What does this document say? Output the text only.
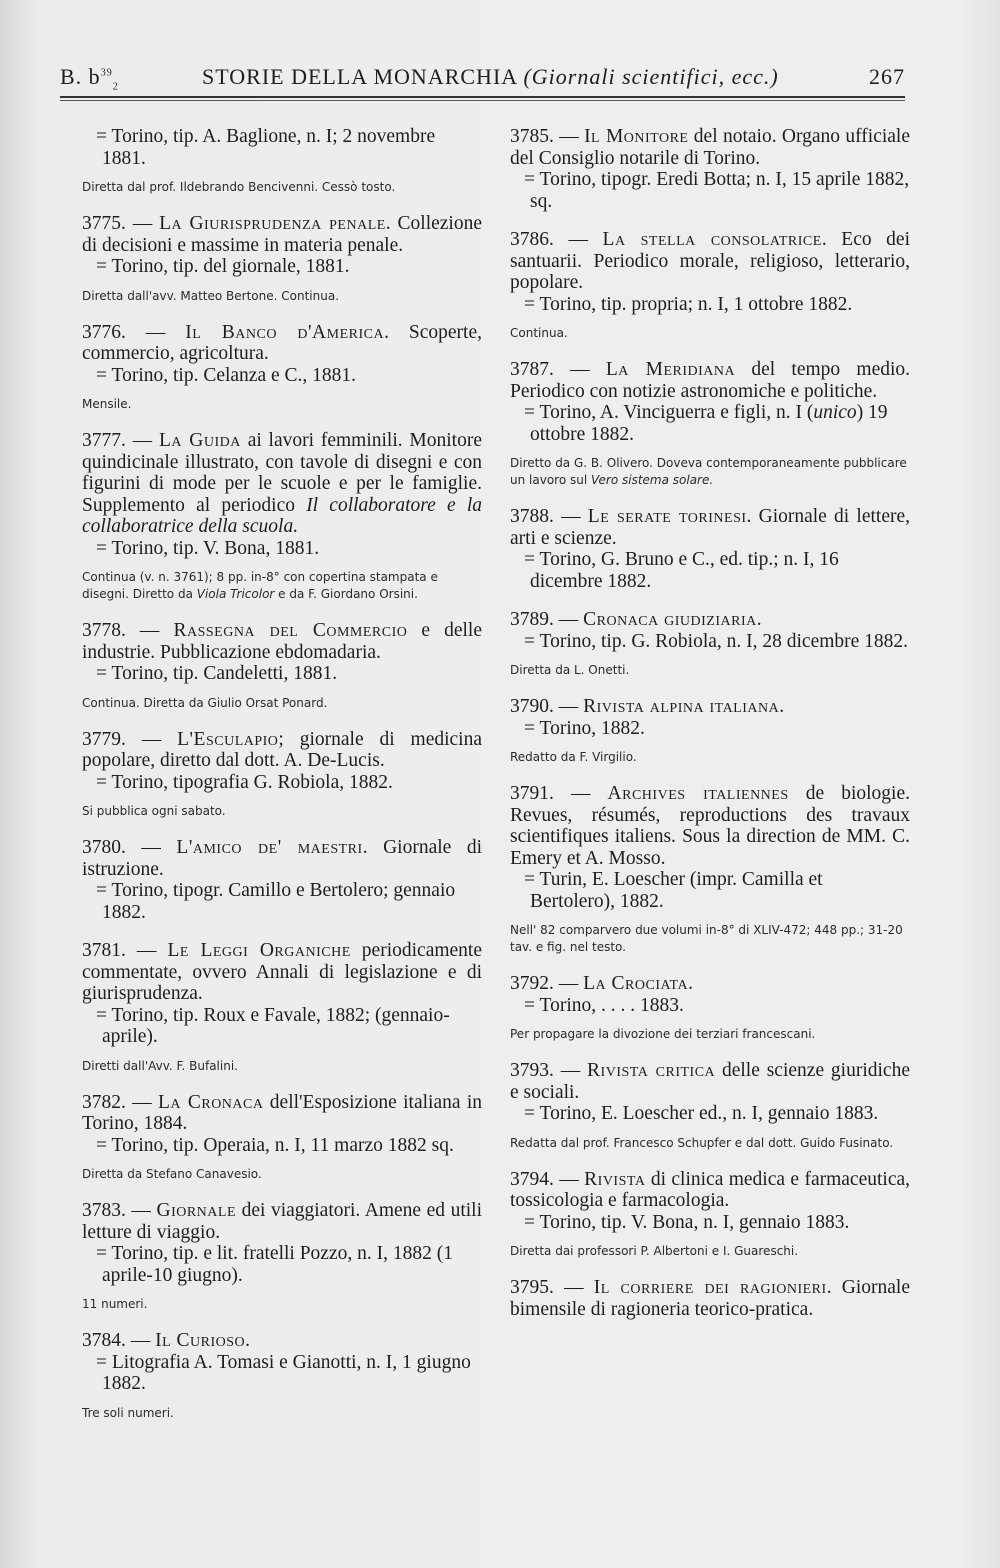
B. $b^{39}_2$	STORIE DELLA MONARCHIA (Giornali scientifici, ecc.)	267

= Torino, tip. A. Baglione, n. I; 2 novembre 1881.

Diretta dal prof. Ildebrando Bencivenni. Cessò tosto.

3775. — La Giurisprudenza penale. Collezione di decisioni e massime in materia penale.

= Torino, tip. del giornale, 1881.

Diretta dall'avv. Matteo Bertone. Continua.

3776. — Il Banco d'America. Scoperte, commercio, agricoltura.

= Torino, tip. Celanza e C., 1881.

Mensile.

3777. — La Guida ai lavori femminili. Monitore quindicinale illustrato, con tavole di disegni e con figurini di mode per le scuole e per le famiglie. Supplemento al periodico Il collaboratore e la collaboratrice della scuola.

= Torino, tip. V. Bona, 1881.

Continua (v. n. 3761); 8 pp. in-8° con copertina stampata e disegni. Diretto da Viola Tricolor e da F. Giordano Orsini.

3778. — Rassegna del Commercio e delle industrie. Pubblicazione ebdomadaria.

= Torino, tip. Candeletti, 1881.

Continua. Diretta da Giulio Orsat Ponard.

3779. — L'Esculapio; giornale di medicina popolare, diretto dal dott. A. De-Lucis.

= Torino, tipografia G. Robiola, 1882.

Si pubblica ogni sabato.

3780. — L'amico de' maestri. Giornale di istruzione.

= Torino, tipogr. Camillo e Bertolero; gennaio 1882.

3781. — Le Leggi Organiche periodicamente commentate, ovvero Annali di legislazione e di giurisprudenza.

= Torino, tip. Roux e Favale, 1882; (gennaio-aprile).

Diretti dall'Avv. F. Bufalini.

3782. — La Cronaca dell'Esposizione italiana in Torino, 1884.

= Torino, tip. Operaia, n. I, 11 marzo 1882 sq.

Diretta da Stefano Canavesio.

3783. — Giornale dei viaggiatori. Amene ed utili letture di viaggio.

= Torino, tip. e lit. fratelli Pozzo, n. I, 1882 (1 aprile-10 giugno).

11 numeri.

3784. — Il Curioso.

= Litografia A. Tomasi e Gianotti, n. I, 1 giugno 1882.

Tre soli numeri.

3785. — Il Monitore del notaio. Organo ufficiale del Consiglio notarile di Torino.

= Torino, tipogr. Eredi Botta; n. I, 15 aprile 1882, sq.

3786. — La stella consolatrice. Eco dei santuarii. Periodico morale, religioso, letterario, popolare.

= Torino, tip. propria; n. I, 1 ottobre 1882.

Continua.

3787. — La Meridiana del tempo medio. Periodico con notizie astronomiche e politiche.

= Torino, A. Vinciguerra e figli, n. I (unico) 19 ottobre 1882.

Diretto da G. B. Olivero. Doveva contemporaneamente pubblicare un lavoro sul Vero sistema solare.

3788. — Le serate torinesi. Giornale di lettere, arti e scienze.

= Torino, G. Bruno e C., ed. tip.; n. I, 16 dicembre 1882.

3789. — Cronaca giudiziaria.

= Torino, tip. G. Robiola, n. I, 28 dicembre 1882.

Diretta da L. Onetti.

3790. — Rivista alpina italiana.

= Torino, 1882.

Redatto da F. Virgilio.

3791. — Archives italiennes de biologie. Revues, résumés, reproductions des travaux scientifiques italiens. Sous la direction de MM. C. Emery et A. Mosso.

= Turin, E. Loescher (impr. Camilla et Bertolero), 1882.

Nell' 82 comparvero due volumi in-8° di XLIV-472; 448 pp.; 31-20 tav. e fig. nel testo.

3792. — La Crociata.

= Torino, . . . . 1883.

Per propagare la divozione dei terziari francescani.

3793. — Rivista critica delle scienze giuridiche e sociali.

= Torino, E. Loescher ed., n. I, gennaio 1883.

Redatta dal prof. Francesco Schupfer e dal dott. Guido Fusinato.

3794. — Rivista di clinica medica e farmaceutica, tossicologia e farmacologia.

= Torino, tip. V. Bona, n. I, gennaio 1883.

Diretta dai professori P. Albertoni e I. Guareschi.

3795. — Il corriere dei ragionieri. Giornale bimensile di ragioneria teorico-pratica.
